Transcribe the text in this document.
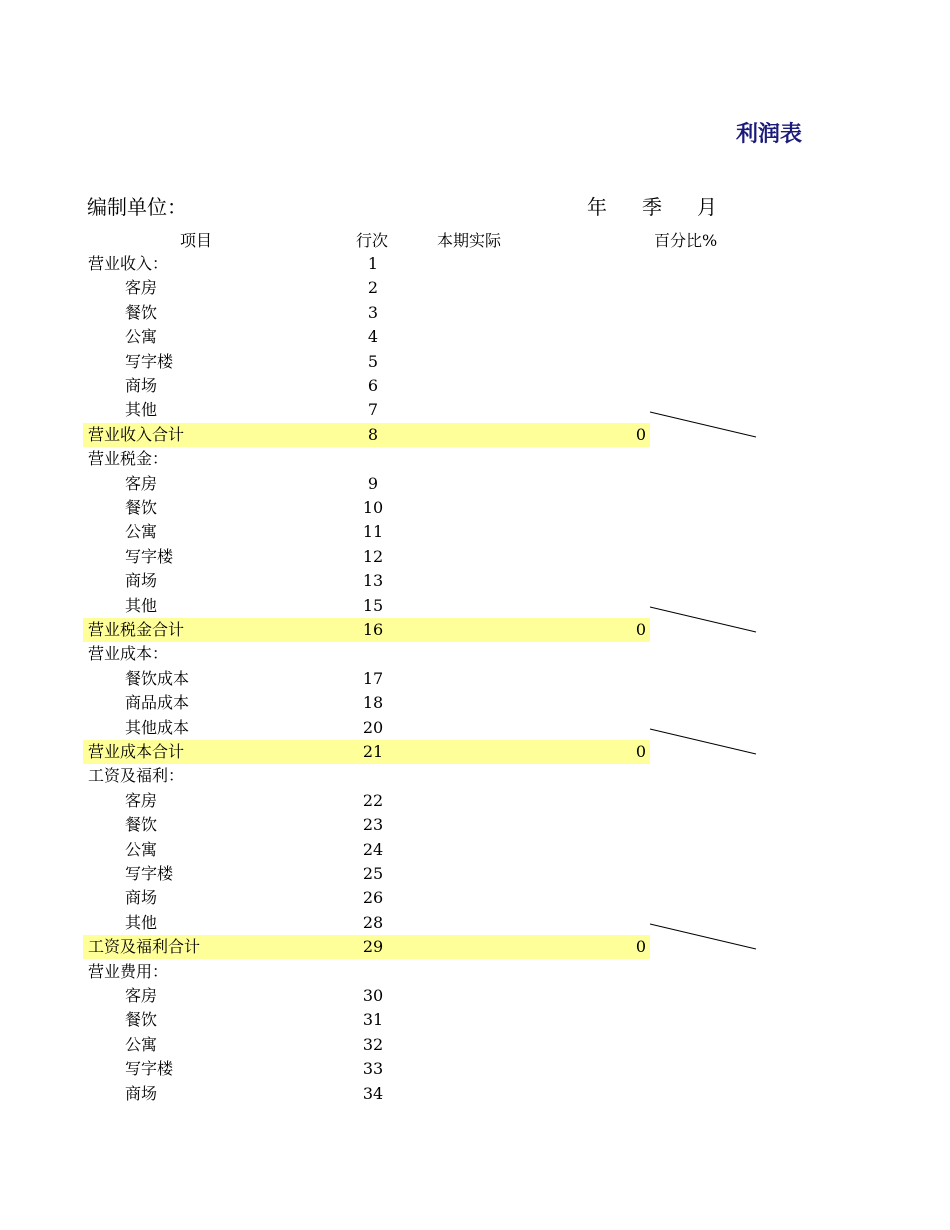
利润表
编制单位：	年 季 月
项目	行次	本期实际	百分比%
营业收入：	1
客房	2
餐饮	3
公寓	4
写字楼	5
商场	6
其他	7
营业收入合计	8	0
营业税金：
客房	9
餐饮	10
公寓	11
写字楼	12
商场	13
其他	15
营业税金合计	16	0
营业成本：
餐饮成本	17
商品成本	18
其他成本	20
营业成本合计	21	0
工资及福利：
客房	22
餐饮	23
公寓	24
写字楼	25
商场	26
其他	28
工资及福利合计	29	0
营业费用：
客房	30
餐饮	31
公寓	32
写字楼	33
商场	34
